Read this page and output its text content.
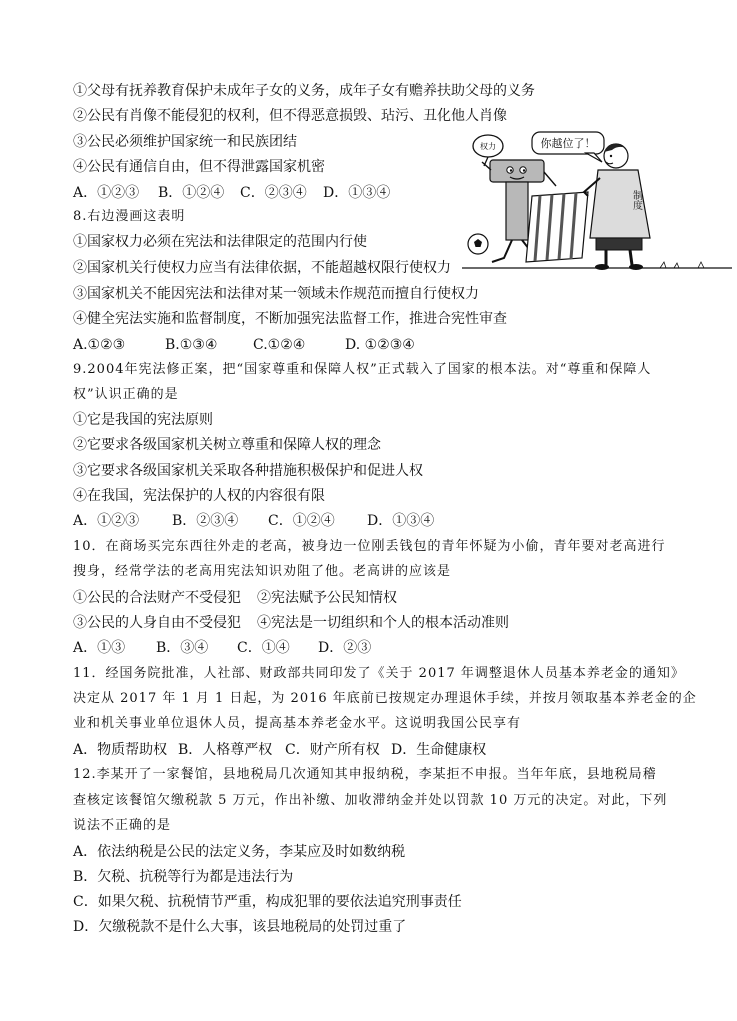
①父母有抚养教育保护未成年子女的义务，成年子女有赡养扶助父母的义务
②公民有肖像不能侵犯的权利，但不得恶意损毁、玷污、丑化他人肖像
③公民必须维护国家统一和民族团结
④公民有通信自由，但不得泄露国家机密
A．①②③ B．①②④ C．②③④ D．①③④
8.右边漫画这表明
①国家权力必须在宪法和法律限定的范围内行使
②国家机关行使权力应当有法律依据，不能超越权限行使权力
③国家机关不能因宪法和法律对某一领域未作规范而擅自行使权力
④健全宪法实施和监督制度，不断加强宪法监督工作，推进合宪性审查
A.①②③	B.①③④	C.①②④	D. ①②③④
权力
制度
你越位了！
9.2004年宪法修正案，把“国家尊重和保障人权”正式载入了国家的根本法。对“尊重和保障人
权”认识正确的是
①它是我国的宪法原则
②它要求各级国家机关树立尊重和保障人权的理念
③它要求各级国家机关采取各种措施积极保护和促进人权
④在我国，宪法保护的人权的内容很有限
A．①②③ B．②③④ C．①②④ D．①③④
10．在商场买完东西往外走的老高，被身边一位刚丢钱包的青年怀疑为小偷，青年要对老高进行
搜身，经常学法的老高用宪法知识劝阻了他。老高讲的应该是
①公民的合法财产不受侵犯 ②宪法赋予公民知情权
③公民的人身自由不受侵犯 ④宪法是一切组织和个人的根本活动准则
A．①③ B．③④ C．①④ D．②③
11．经国务院批准，人社部、财政部共同印发了《关于 2017 年调整退休人员基本养老金的通知》
决定从 2017 年 1 月 1 日起，为 2016 年底前已按规定办理退休手续，并按月领取基本养老金的企
业和机关事业单位退休人员，提高基本养老金水平。这说明我国公民享有
A．物质帮助权 B．人格尊严权 C．财产所有权 D．生命健康权
12.李某开了一家餐馆，县地税局几次通知其申报纳税，李某拒不申报。当年年底，县地税局稽
查核定该餐馆欠缴税款 5 万元，作出补缴、加收滞纳金并处以罚款 10 万元的决定。对此，下列
说法不正确的是
A．依法纳税是公民的法定义务，李某应及时如数纳税
B．欠税、抗税等行为都是违法行为
C．如果欠税、抗税情节严重，构成犯罪的要依法追究刑事责任
D．欠缴税款不是什么大事，该县地税局的处罚过重了
